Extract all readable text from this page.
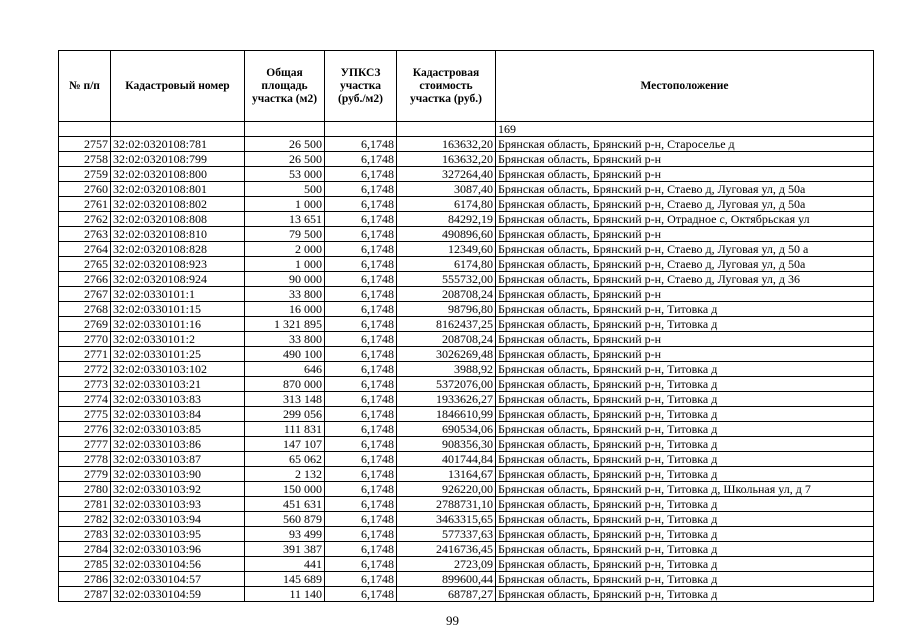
№ п/п	Кадастровый номер	Общая площадь участка (м2)	УПКСЗ участка (руб./м2)	Кадастровая стоимость участка (руб.)	Местоположение
					169
2757	32:02:0320108:781	26 500	6,1748	163632,20	Брянская область, Брянский р-н, Староселье д
2758	32:02:0320108:799	26 500	6,1748	163632,20	Брянская область, Брянский р-н
2759	32:02:0320108:800	53 000	6,1748	327264,40	Брянская область, Брянский р-н
2760	32:02:0320108:801	500	6,1748	3087,40	Брянская область, Брянский р-н, Стаево д, Луговая ул, д 50а
2761	32:02:0320108:802	1 000	6,1748	6174,80	Брянская область, Брянский р-н, Стаево д, Луговая ул, д 50а
2762	32:02:0320108:808	13 651	6,1748	84292,19	Брянская область, Брянский р-н, Отрадное с, Октябрьская ул
2763	32:02:0320108:810	79 500	6,1748	490896,60	Брянская область, Брянский р-н
2764	32:02:0320108:828	2 000	6,1748	12349,60	Брянская область, Брянский р-н, Стаево д, Луговая ул, д 50 а
2765	32:02:0320108:923	1 000	6,1748	6174,80	Брянская область, Брянский р-н, Стаево д, Луговая ул, д 50а
2766	32:02:0320108:924	90 000	6,1748	555732,00	Брянская область, Брянский р-н, Стаево д, Луговая ул, д 36
2767	32:02:0330101:1	33 800	6,1748	208708,24	Брянская область, Брянский р-н
2768	32:02:0330101:15	16 000	6,1748	98796,80	Брянская область, Брянский р-н, Титовка д
2769	32:02:0330101:16	1 321 895	6,1748	8162437,25	Брянская область, Брянский р-н, Титовка д
2770	32:02:0330101:2	33 800	6,1748	208708,24	Брянская область, Брянский р-н
2771	32:02:0330101:25	490 100	6,1748	3026269,48	Брянская область, Брянский р-н
2772	32:02:0330103:102	646	6,1748	3988,92	Брянская область, Брянский р-н, Титовка д
2773	32:02:0330103:21	870 000	6,1748	5372076,00	Брянская область, Брянский р-н, Титовка д
2774	32:02:0330103:83	313 148	6,1748	1933626,27	Брянская область, Брянский р-н, Титовка д
2775	32:02:0330103:84	299 056	6,1748	1846610,99	Брянская область, Брянский р-н, Титовка д
2776	32:02:0330103:85	111 831	6,1748	690534,06	Брянская область, Брянский р-н, Титовка д
2777	32:02:0330103:86	147 107	6,1748	908356,30	Брянская область, Брянский р-н, Титовка д
2778	32:02:0330103:87	65 062	6,1748	401744,84	Брянская область, Брянский р-н, Титовка д
2779	32:02:0330103:90	2 132	6,1748	13164,67	Брянская область, Брянский р-н, Титовка д
2780	32:02:0330103:92	150 000	6,1748	926220,00	Брянская область, Брянский р-н, Титовка д, Школьная ул, д 7
2781	32:02:0330103:93	451 631	6,1748	2788731,10	Брянская область, Брянский р-н, Титовка д
2782	32:02:0330103:94	560 879	6,1748	3463315,65	Брянская область, Брянский р-н, Титовка д
2783	32:02:0330103:95	93 499	6,1748	577337,63	Брянская область, Брянский р-н, Титовка д
2784	32:02:0330103:96	391 387	6,1748	2416736,45	Брянская область, Брянский р-н, Титовка д
2785	32:02:0330104:56	441	6,1748	2723,09	Брянская область, Брянский р-н, Титовка д
2786	32:02:0330104:57	145 689	6,1748	899600,44	Брянская область, Брянский р-н, Титовка д
2787	32:02:0330104:59	11 140	6,1748	68787,27	Брянская область, Брянский р-н, Титовка д
99
